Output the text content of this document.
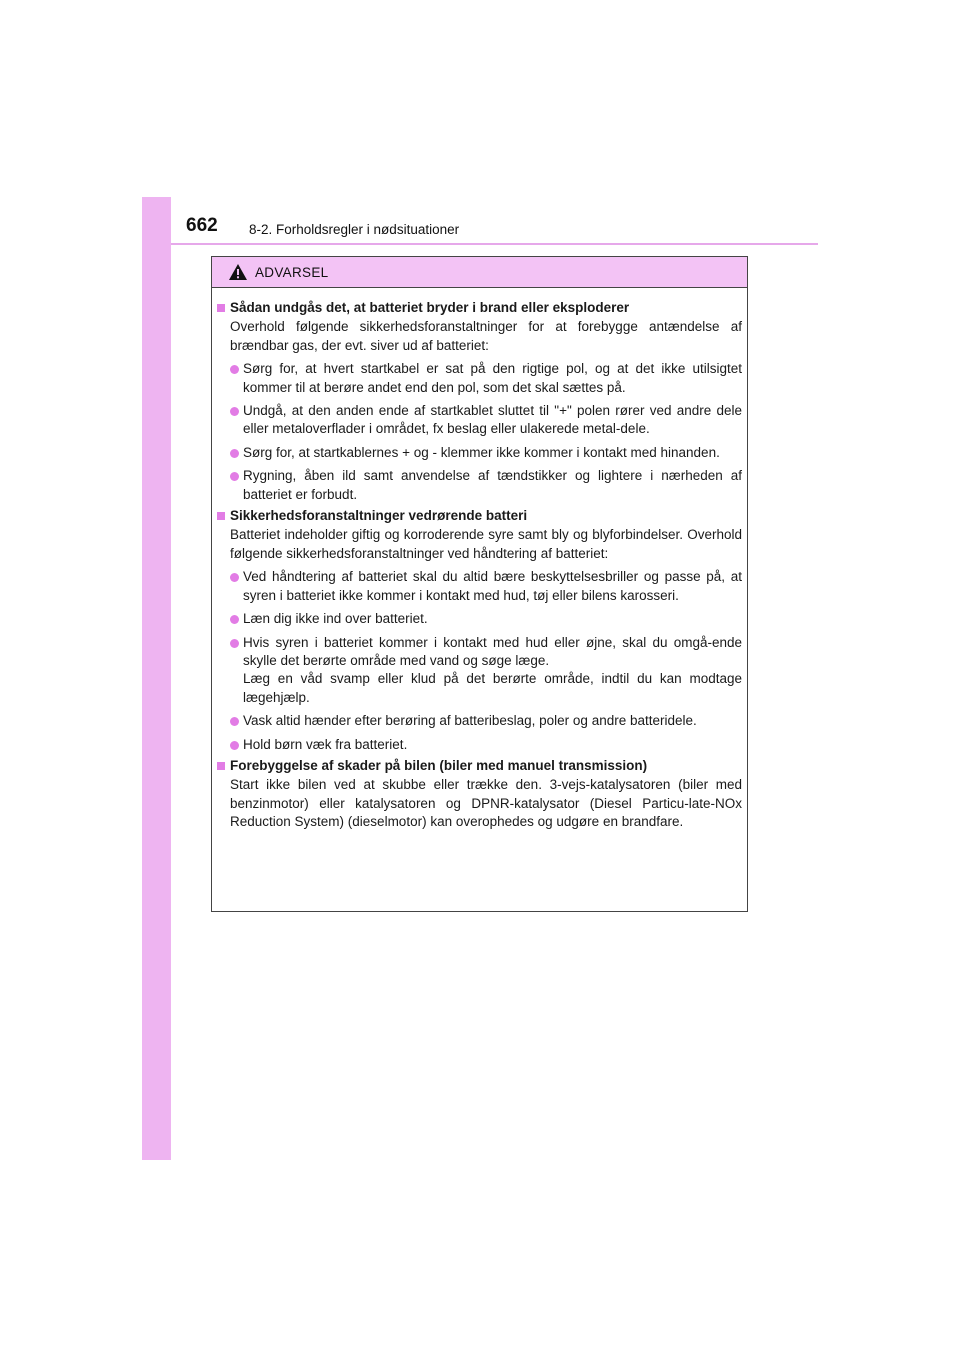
662 8-2. Forholdsregler i nødsituationer
ADVARSEL
Sådan undgås det, at batteriet bryder i brand eller eksploderer
Overhold følgende sikkerhedsforanstaltninger for at forebygge antændelse af brændbar gas, der evt. siver ud af batteriet:
Sørg for, at hvert startkabel er sat på den rigtige pol, og at det ikke utilsigtet kommer til at berøre andet end den pol, som det skal sættes på.
Undgå, at den anden ende af startkablet sluttet til "+" polen rører ved andre dele eller metaloverflader i området, fx beslag eller ulakerede metal-dele.
Sørg for, at startkablernes + og - klemmer ikke kommer i kontakt med hinanden.
Rygning, åben ild samt anvendelse af tændstikker og lightere i nærheden af batteriet er forbudt.
Sikkerhedsforanstaltninger vedrørende batteri
Batteriet indeholder giftig og korroderende syre samt bly og blyforbindelser. Overhold følgende sikkerhedsforanstaltninger ved håndtering af batteriet:
Ved håndtering af batteriet skal du altid bære beskyttelsesbriller og passe på, at syren i batteriet ikke kommer i kontakt med hud, tøj eller bilens karosseri.
Læn dig ikke ind over batteriet.

Hvis syren i batteriet kommer i kontakt med hud eller øjne, skal du omgå-ende skylle det berørte område med vand og søge læge.

Læg en våd svamp eller klud på det berørte område, indtil du kan modtage lægehjælp.

Vask altid hænder efter berøring af batteribeslag, poler og andre batteridele.
Hold børn væk fra batteriet.
Forebyggelse af skader på bilen (biler med manuel transmission)
Start ikke bilen ved at skubbe eller trække den. 3-vejs-katalysatoren (biler med benzinmotor) eller katalysatoren og DPNR-katalysator (Diesel Particu-late-NOx Reduction System) (dieselmotor) kan overophedes og udgøre en brandfare.
